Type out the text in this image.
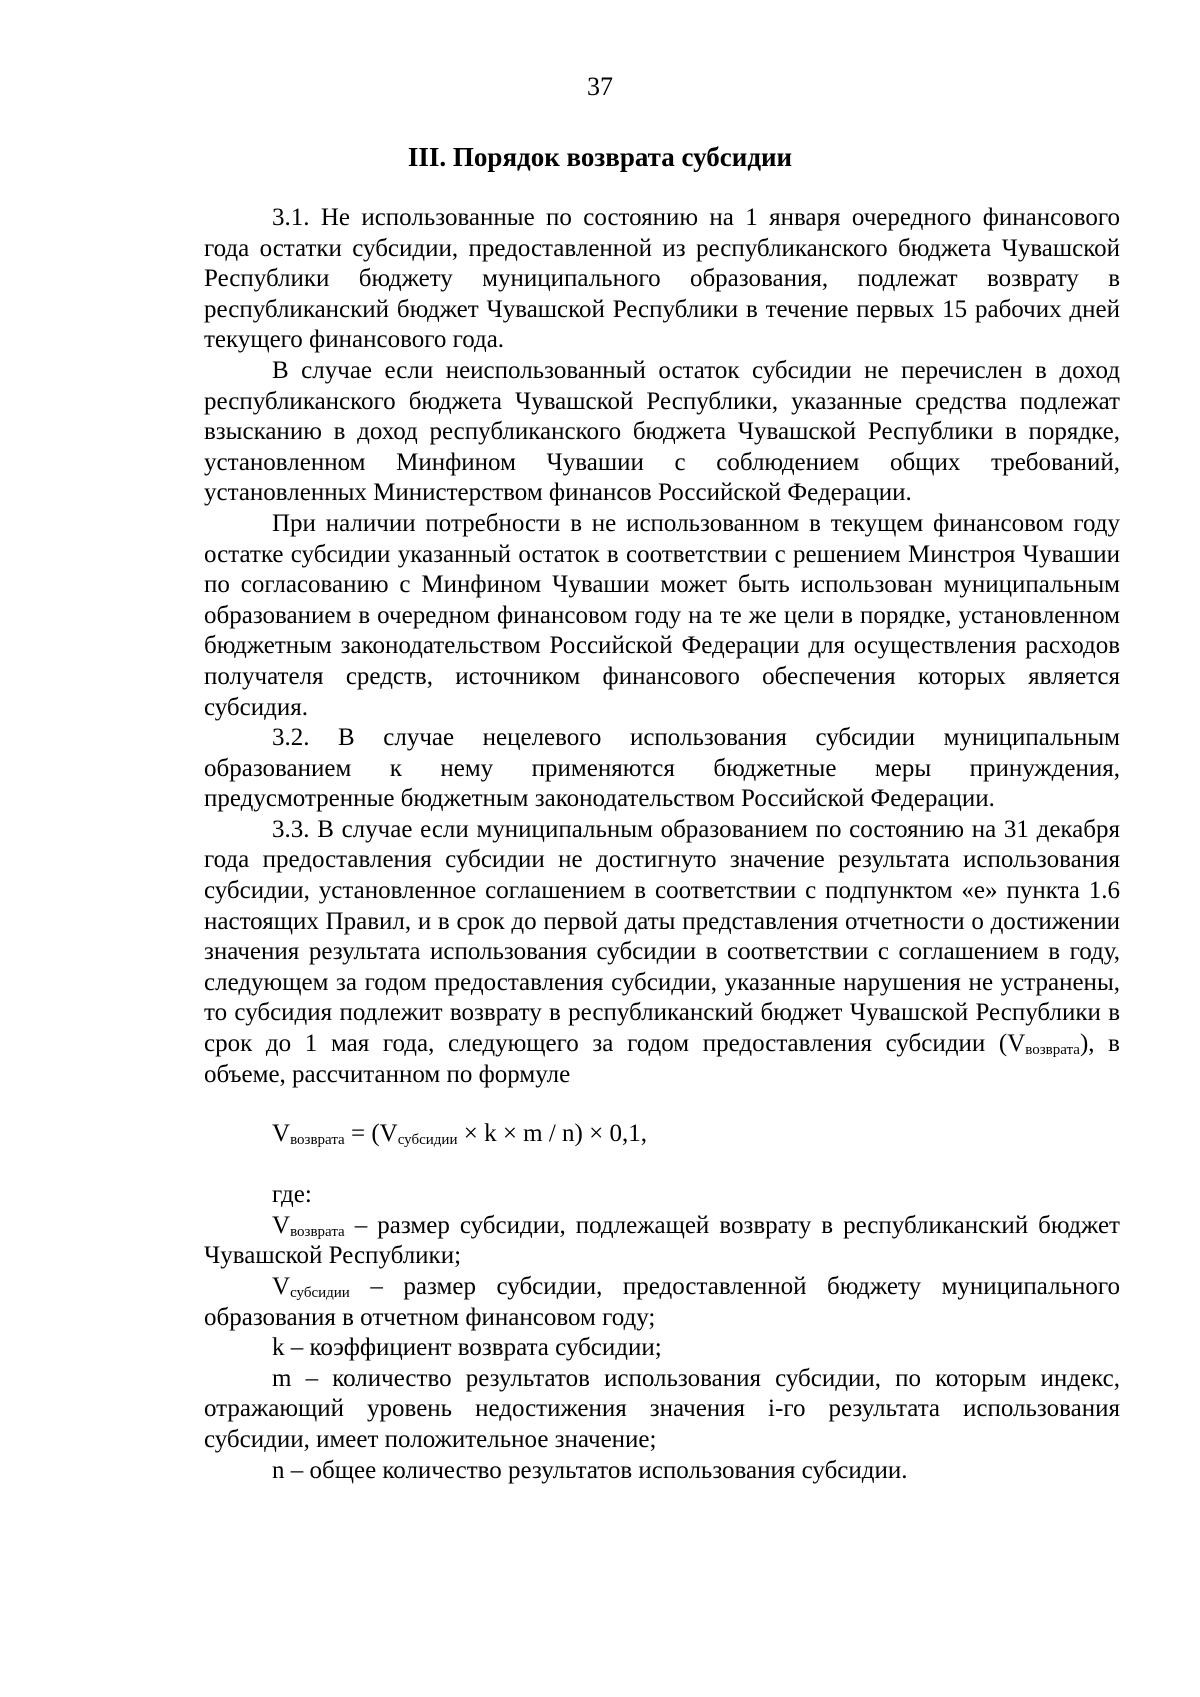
37
III. Порядок возврата субсидии

3.1. Не использованные по состоянию на 1 января очередного финансового года остатки субсидии, предоставленной из республиканского бюджета Чувашской Республики бюджету муниципального образования, подлежат возврату в республиканский бюджет Чувашской Республики в течение первых 15 рабочих дней текущего финансового года.

В случае если неиспользованный остаток субсидии не перечислен в доход республиканского бюджета Чувашской Республики, указанные средства подлежат взысканию в доход республиканского бюджета Чувашской Республики в порядке, установленном Минфином Чувашии с соблюдением общих требований, установленных Министерством финансов Российской Федерации.

При наличии потребности в не использованном в текущем финансовом году остатке субсидии указанный остаток в соответствии с решением Минстроя Чувашии по согласованию с Минфином Чувашии может быть использован муниципальным образованием в очередном финансовом году на те же цели в порядке, установленном бюджетным законодательством Российской Федерации для осуществления расходов получателя средств, источником финансового обеспечения которых является субсидия.

3.2. В случае нецелевого использования субсидии муниципальным образованием к нему применяются бюджетные меры принуждения, предусмотренные бюджетным законодательством Российской Федерации.

3.3. В случае если муниципальным образованием по состоянию на 31 декабря года предоставления субсидии не достигнуто значение результата использования субсидии, установленное соглашением в соответствии с подпунктом «е» пункта 1.6 настоящих Правил, и в срок до первой даты представления отчетности о достижении значения результата использования субсидии в соответствии с соглашением в году, следующем за годом предоставления субсидии, указанные нарушения не устранены, то субсидия подлежит возврату в республиканский бюджет Чувашской Республики в срок до 1 мая года, следующего за годом предоставления субсидии $(V_{возврата})$, в объеме, рассчитанном по формуле

$V_{возврата} = (V_{субсидии} \times k \times m / n) \times 0,1$,

где:

$V_{возврата}$ – размер субсидии, подлежащей возврату в республиканский бюджет Чувашской Республики;

$V_{субсидии}$ – размер субсидии, предоставленной бюджету муниципального образования в отчетном финансовом году;

k – коэффициент возврата субсидии;

m – количество результатов использования субсидии, по которым индекс, отражающий уровень недостижения значения i-го результата использования субсидии, имеет положительное значение;

n – общее количество результатов использования субсидии.
